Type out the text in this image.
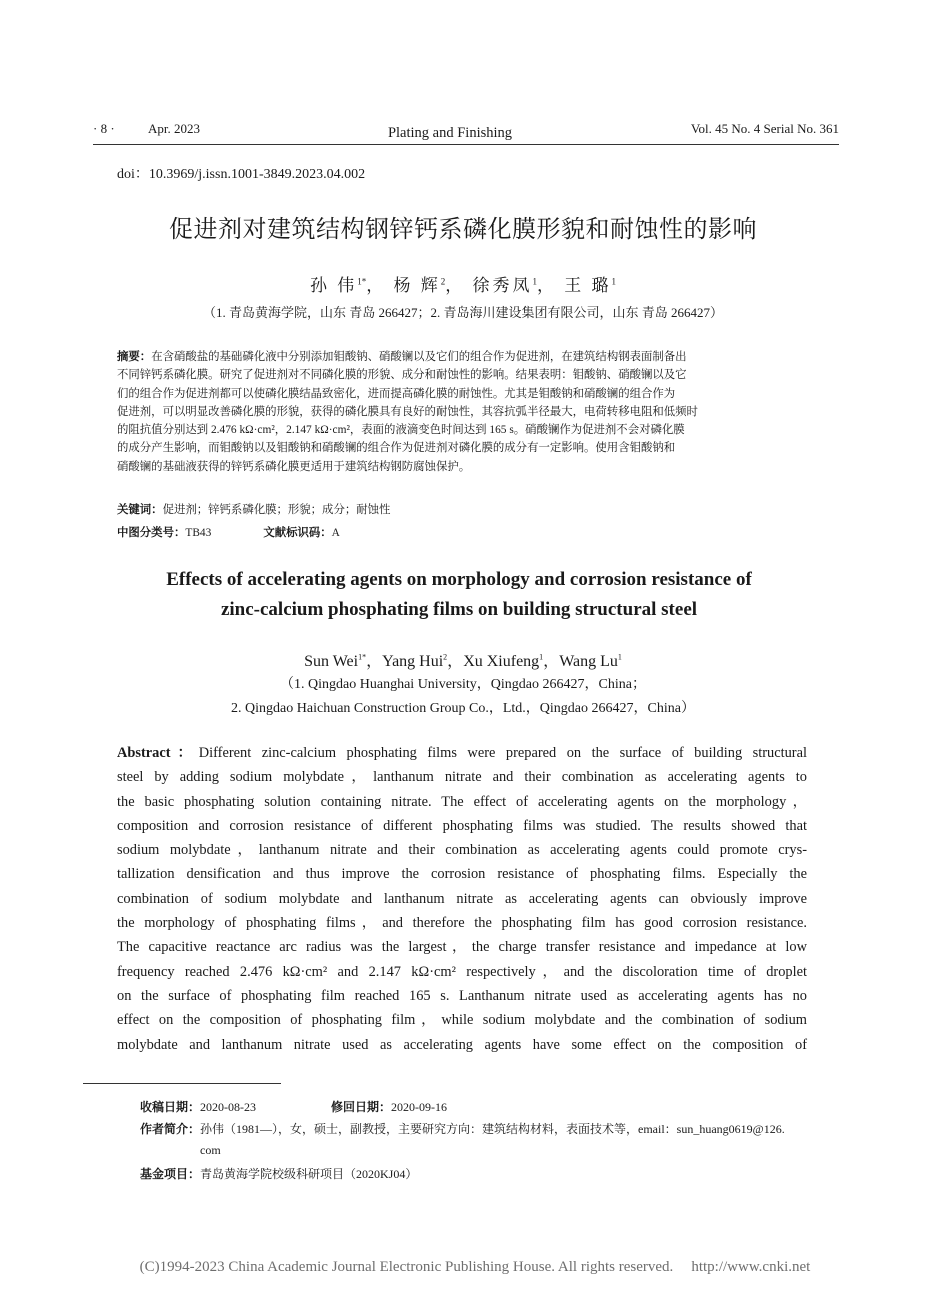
· 8 ·	Apr. 2023	Plating and Finishing	Vol. 45 No. 4 Serial No. 361
doi：10.3969/j.issn.1001-3849.2023.04.002
促进剂对建筑结构钢锌钙系磷化膜形貌和耐蚀性的影响
孙 伟$^{1*}$， 杨 辉$^2$， 徐秀凤$^1$， 王 璐$^1$
（1. 青岛黄海学院，山东 青岛 266427；2. 青岛海川建设集团有限公司，山东 青岛 266427）
摘要：在含硝酸盐的基础磷化液中分别添加钼酸钠、硝酸镧以及它们的组合作为促进剂，在建筑结构钢表面制备出
不同锌钙系磷化膜。研究了促进剂对不同磷化膜的形貌、成分和耐蚀性的影响。结果表明：钼酸钠、硝酸镧以及它
们的组合作为促进剂都可以使磷化膜结晶致密化，进而提高磷化膜的耐蚀性。尤其是钼酸钠和硝酸镧的组合作为
促进剂，可以明显改善磷化膜的形貌，获得的磷化膜具有良好的耐蚀性，其容抗弧半径最大，电荷转移电阻和低频时
的阻抗值分别达到 2.476 kΩ·cm²，2.147 kΩ·cm²，表面的液滴变色时间达到 165 s。硝酸镧作为促进剂不会对磷化膜
的成分产生影响，而钼酸钠以及钼酸钠和硝酸镧的组合作为促进剂对磷化膜的成分有一定影响。使用含钼酸钠和
硝酸镧的基础液获得的锌钙系磷化膜更适用于建筑结构钢防腐蚀保护。
关键词：促进剂；锌钙系磷化膜；形貌；成分；耐蚀性
中图分类号：TB43	文献标识码：A
Effects of accelerating agents on morphology and corrosion resistance of
zinc-calcium phosphating films on building structural steel
Sun Wei$^{1*}$，Yang Hui$^2$，Xu Xiufeng$^1$，Wang Lu$^1$
（1. Qingdao Huanghai University，Qingdao 266427，China；
2. Qingdao Haichuan Construction Group Co.，Ltd.，Qingdao 266427，China）
Abstract：Different zinc-calcium phosphating films were prepared on the surface of building structural
steel by adding sodium molybdate，lanthanum nitrate and their combination as accelerating agents to
the basic phosphating solution containing nitrate. The effect of accelerating agents on the morphology，
composition and corrosion resistance of different phosphating films was studied. The results showed that
sodium molybdate，lanthanum nitrate and their combination as accelerating agents could promote crys-
tallization densification and thus improve the corrosion resistance of phosphating films. Especially the
combination of sodium molybdate and lanthanum nitrate as accelerating agents can obviously improve
the morphology of phosphating films，and therefore the phosphating film has good corrosion resistance.
The capacitive reactance arc radius was the largest，the charge transfer resistance and impedance at low
frequency reached 2.476 kΩ·cm² and 2.147 kΩ·cm² respectively，and the discoloration time of droplet
on the surface of phosphating film reached 165 s. Lanthanum nitrate used as accelerating agents has no
effect on the composition of phosphating film，while sodium molybdate and the combination of sodium
molybdate and lanthanum nitrate used as accelerating agents have some effect on the composition of
收稿日期：2020-08-23	修回日期：2020-09-16
作者简介：孙伟（1981—），女，硕士，副教授，主要研究方向：建筑结构材料，表面技术等，email：sun_huang0619@126.
com
基金项目：青岛黄海学院校级科研项目（2020KJ04）
(C)1994-2023 China Academic Journal Electronic Publishing House. All rights reserved. http://www.cnki.net
